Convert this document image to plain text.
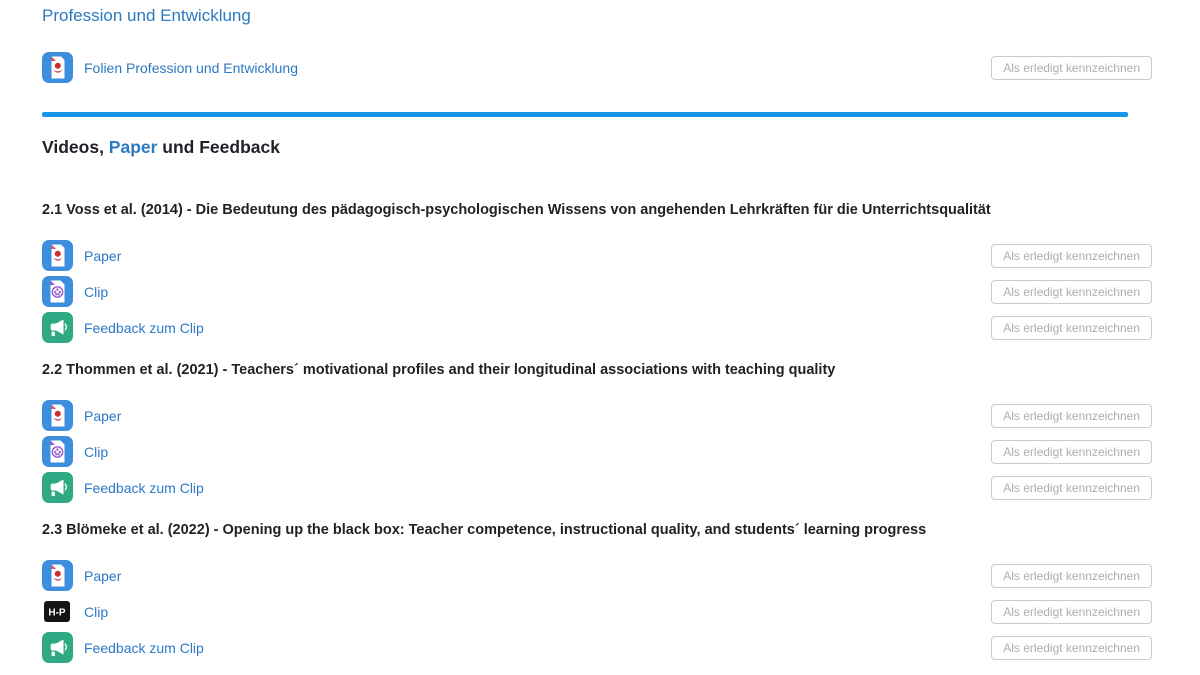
Profession und Entwicklung
Folien Profession und Entwicklung	Als erledigt kennzeichnen
Videos, Paper und Feedback
2.1 Voss et al. (2014) - Die Bedeutung des pädagogisch-psychologischen Wissens von angehenden Lehrkräften für die Unterrichtsqualität
Paper	Als erledigt kennzeichnen
Clip	Als erledigt kennzeichnen
Feedback zum Clip	Als erledigt kennzeichnen
2.2 Thommen et al. (2021) - Teachers´ motivational profiles and their longitudinal associations with teaching quality
Paper	Als erledigt kennzeichnen
Clip	Als erledigt kennzeichnen
Feedback zum Clip	Als erledigt kennzeichnen
2.3 Blömeke et al. (2022) - Opening up the black box: Teacher competence, instructional quality, and students´ learning progress
Paper	Als erledigt kennzeichnen
H-P Clip	Als erledigt kennzeichnen
Feedback zum Clip	Als erledigt kennzeichnen
